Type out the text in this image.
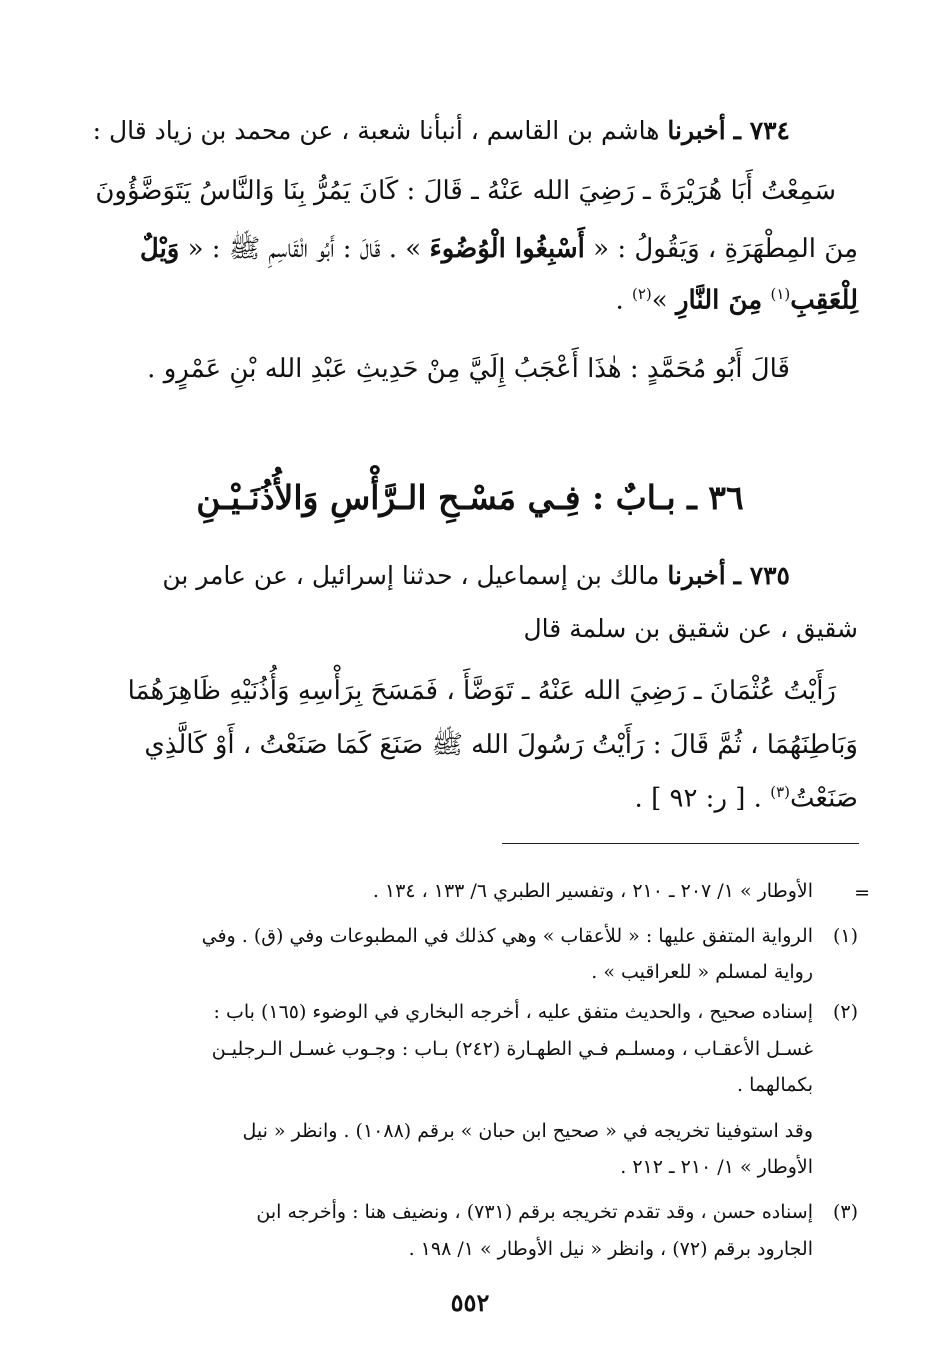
٧٣٤ ـ أخبرنا هاشم بن القاسم ، أنبأنا شعبة ، عن محمد بن زياد قال :
سَمِعْتُ أَبَا هُرَيْرَةَ ـ رَضِيَ الله عَنْهُ ـ قَالَ : كَانَ يَمُرُّ بِنَا وَالنَّاسُ يَتَوَضَّؤُونَ
مِنَ المِطْهَرَةِ ، وَيَقُولُ : « أَسْبِغُوا الْوُضُوءَ » . قَالَ : أَبُو الْقَاسِمِ ﷺ : « وَيْلٌ
لِلْعَقِبِ$^{(١)}$ مِنَ النَّارِ »$^{(٢)}$ .
قَالَ أَبُو مُحَمَّدٍ : هٰذَا أَعْجَبُ إِلَيَّ مِنْ حَدِيثِ عَبْدِ الله بْنِ عَمْرٍو .
٣٦ ـ بـابٌ : فِـي مَسْـحِ الـرَّأْسِ وَالأُذُنَـيْـنِ
٧٣٥ ـ أخبرنا مالك بن إسماعيل ، حدثنا إسرائيل ، عن عامر بن
شقيق ، عن شقيق بن سلمة قال
رَأَيْتُ عُثْمَانَ ـ رَضِيَ الله عَنْهُ ـ تَوَضَّأَ ، فَمَسَحَ بِرَأْسِهِ وَأُذُنَيْهِ ظَاهِرَهُمَا
وَبَاطِنَهُمَا ، ثُمَّ قَالَ : رَأَيْتُ رَسُولَ الله ﷺ صَنَعَ كَمَا صَنَعْتُ ، أَوْ كَالَّذِي
صَنَعْتُ$^{(٣)}$ . [ ر: ٩٢ ] .
=
الأوطار » ١/ ٢٠٧ ـ ٢١٠ ، وتفسير الطبري ٦/ ١٣٣ ، ١٣٤ .
(١)
الرواية المتفق عليها : « للأعقاب » وهي كذلك في المطبوعات وفي (ق) . وفي
رواية لمسلم « للعراقيب » .
(٢)
إسناده صحيح ، والحديث متفق عليه ، أخرجه البخاري في الوضوء (١٦٥) باب :
غسـل الأعقـاب ، ومسلـم فـي الطهـارة (٢٤٢) بـاب : وجـوب غسـل الـرجليـن
بكمالهما .
وقد استوفينا تخريجه في « صحيح ابن حبان » برقم (١٠٨٨) . وانظر « نيل
الأوطار » ١/ ٢١٠ ـ ٢١٢ .
(٣)
إسناده حسن ، وقد تقدم تخريجه برقم (٧٣١) ، ونضيف هنا : وأخرجه ابن
الجارود برقم (٧٢) ، وانظر « نيل الأوطار » ١/ ١٩٨ .
٥٥٢
